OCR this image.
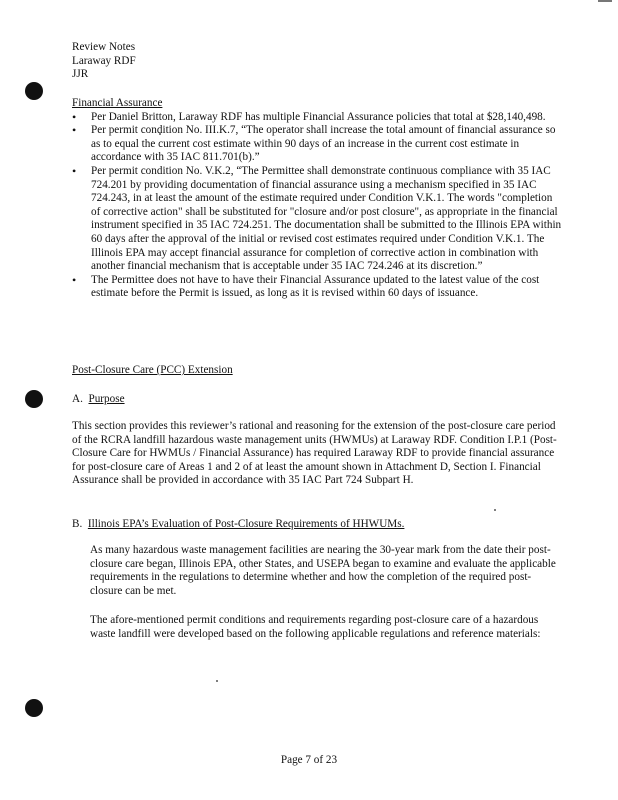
Review Notes
Laraway RDF
JJR
Financial Assurance
• Per Daniel Britton, Laraway RDF has multiple Financial Assurance policies that total at $28,140,498.
• Per permit condition No. III.K.7, “The operator shall increase the total amount of financial assurance so as to equal the current cost estimate within 90 days of an increase in the current cost estimate in accordance with 35 IAC 811.701(b).”
• Per permit condition No. V.K.2, “The Permittee shall demonstrate continuous compliance with 35 IAC 724.201 by providing documentation of financial assurance using a mechanism specified in 35 IAC 724.243, in at least the amount of the estimate required under Condition V.K.1. The words "completion of corrective action" shall be substituted for "closure and/or post closure", as appropriate in the financial instrument specified in 35 IAC 724.251. The documentation shall be submitted to the Illinois EPA within 60 days after the approval of the initial or revised cost estimates required under Condition V.K.1. The Illinois EPA may accept financial assurance for completion of corrective action in combination with another financial mechanism that is acceptable under 35 IAC 724.246 at its discretion.”
• The Permittee does not have to have their Financial Assurance updated to the latest value of the cost estimate before the Permit is issued, as long as it is revised within 60 days of issuance.
Post-Closure Care (PCC) Extension
A. Purpose
This section provides this reviewer’s rational and reasoning for the extension of the post-closure care period of the RCRA landfill hazardous waste management units (HWMUs) at Laraway RDF. Condition I.P.1 (Post-Closure Care for HWMUs / Financial Assurance) has required Laraway RDF to provide financial assurance for post-closure care of Areas 1 and 2 of at least the amount shown in Attachment D, Section I. Financial Assurance shall be provided in accordance with 35 IAC Part 724 Subpart H.
B. Illinois EPA’s Evaluation of Post-Closure Requirements of HHWUMs.
As many hazardous waste management facilities are nearing the 30-year mark from the date their post-closure care began, Illinois EPA, other States, and USEPA began to examine and evaluate the applicable requirements in the regulations to determine whether and how the completion of the required post-closure can be met.
The afore-mentioned permit conditions and requirements regarding post-closure care of a hazardous waste landfill were developed based on the following applicable regulations and reference materials:
Page 7 of 23
